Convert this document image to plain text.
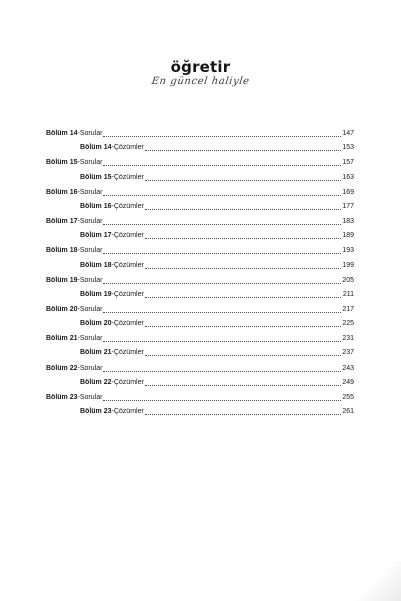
öğretir
En güncel haliyle
Bölüm 14 - Sorular	147
Bölüm 14 - Çözümler	153
Bölüm 15 - Sorular	157
Bölüm 15 - Çözümler	163
Bölüm 16 - Sorular	169
Bölüm 16 - Çözümler	177
Bölüm 17 - Sorular	183
Bölüm 17 - Çözümler	189
Bölüm 18 - Sorular	193
Bölüm 18 - Çözümler	199
Bölüm 19 - Sorular	205
Bölüm 19 - Çözümler	211
Bölüm 20 - Sorular	217
Bölüm 20 - Çözümler	225
Bölüm 21 - Sorular	231
Bölüm 21 - Çözümler	237
Bölüm 22 - Sorular	243
Bölüm 22 - Çözümler	249
Bölüm 23 - Sorular	255
Bölüm 23 - Çözümler	261
